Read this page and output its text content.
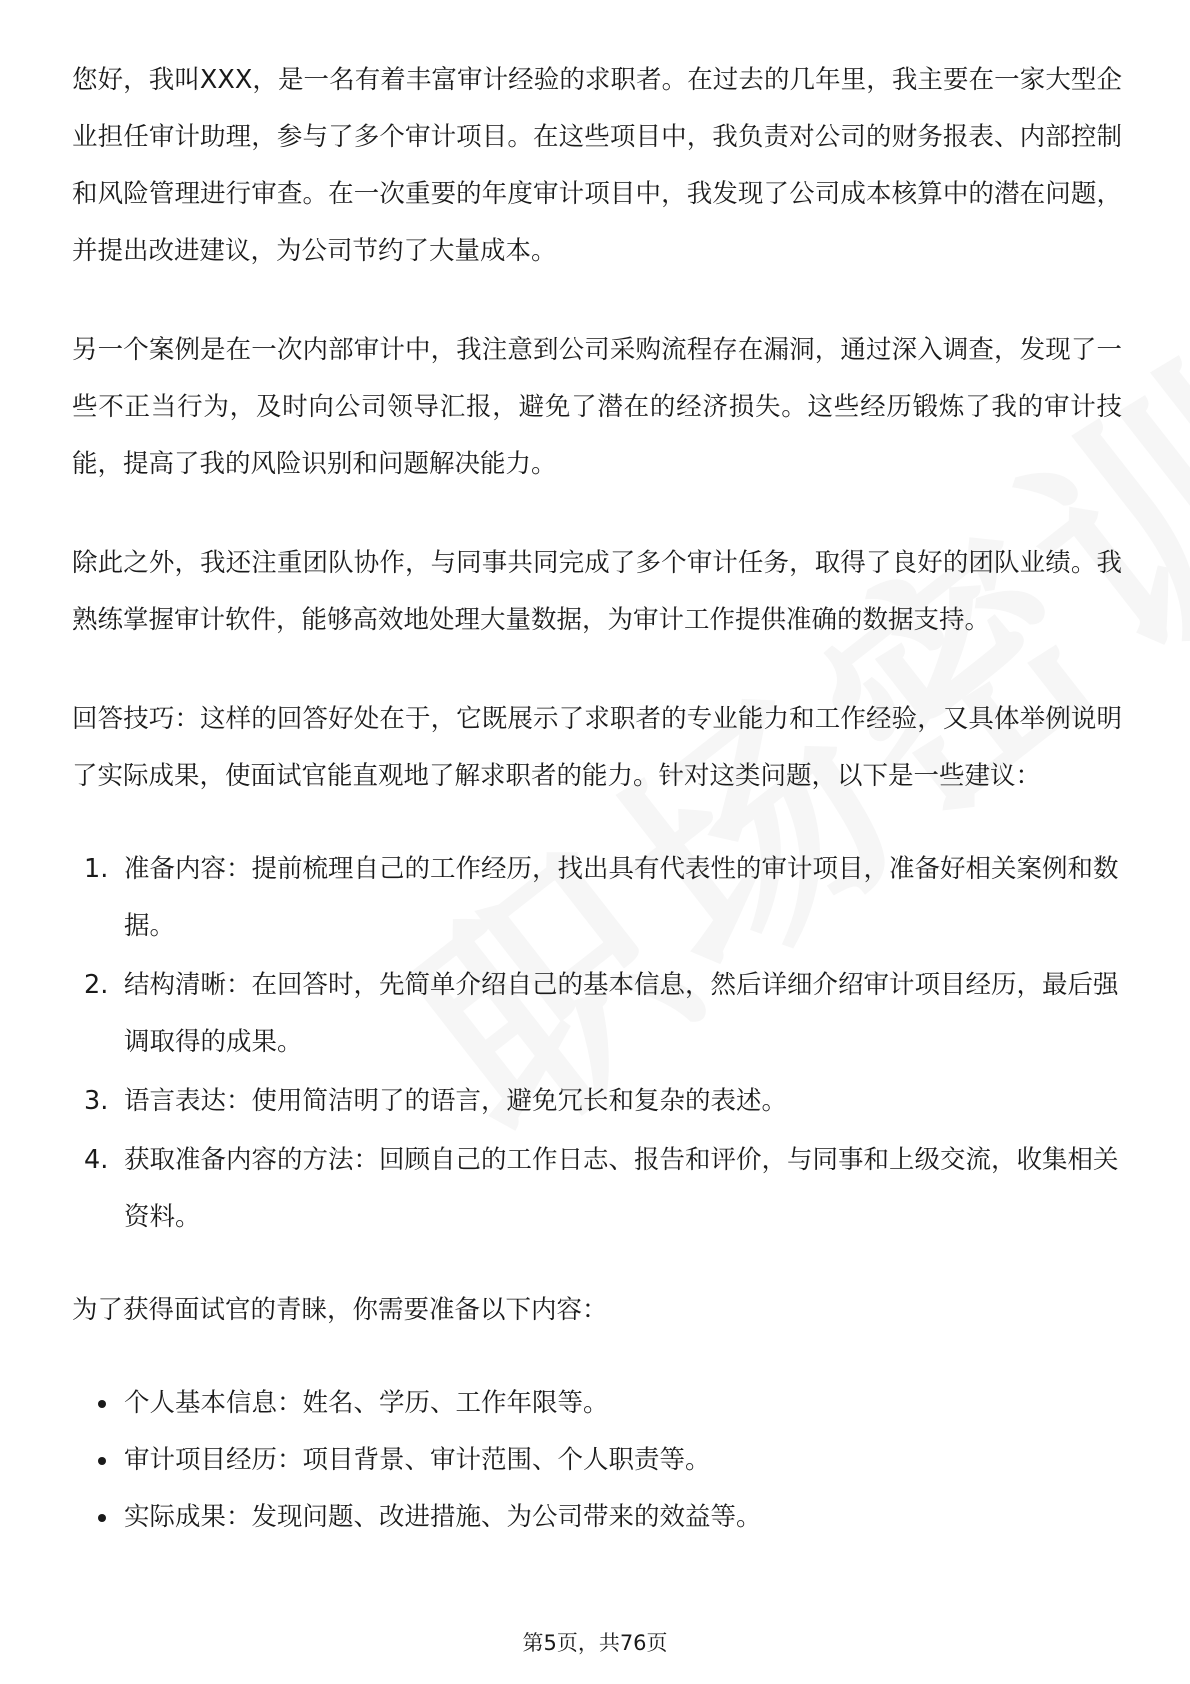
您好，我叫XXX，是一名有着丰富审计经验的求职者。在过去的几年里，我主要在一家大型企业担任审计助理，参与了多个审计项目。在这些项目中，我负责对公司的财务报表、内部控制和风险管理进行审查。在一次重要的年度审计项目中，我发现了公司成本核算中的潜在问题，并提出改进建议，为公司节约了大量成本。

另一个案例是在一次内部审计中，我注意到公司采购流程存在漏洞，通过深入调查，发现了一些不正当行为，及时向公司领导汇报，避免了潜在的经济损失。这些经历锻炼了我的审计技能，提高了我的风险识别和问题解决能力。

除此之外，我还注重团队协作，与同事共同完成了多个审计任务，取得了良好的团队业绩。我熟练掌握审计软件，能够高效地处理大量数据，为审计工作提供准确的数据支持。

回答技巧：这样的回答好处在于，它既展示了求职者的专业能力和工作经验，又具体举例说明了实际成果，使面试官能直观地了解求职者的能力。针对这类问题，以下是一些建议：

1. 准备内容：提前梳理自己的工作经历，找出具有代表性的审计项目，准备好相关案例和数据。
2. 结构清晰：在回答时，先简单介绍自己的基本信息，然后详细介绍审计项目经历，最后强调取得的成果。
3. 语言表达：使用简洁明了的语言，避免冗长和复杂的表述。
4. 获取准备内容的方法：回顾自己的工作日志、报告和评价，与同事和上级交流，收集相关资料。

为了获得面试官的青睐，你需要准备以下内容：

个人基本信息：姓名、学历、工作年限等。
审计项目经历：项目背景、审计范围、个人职责等。
实际成果：发现问题、改进措施、为公司带来的效益等。
第5页，共76页
